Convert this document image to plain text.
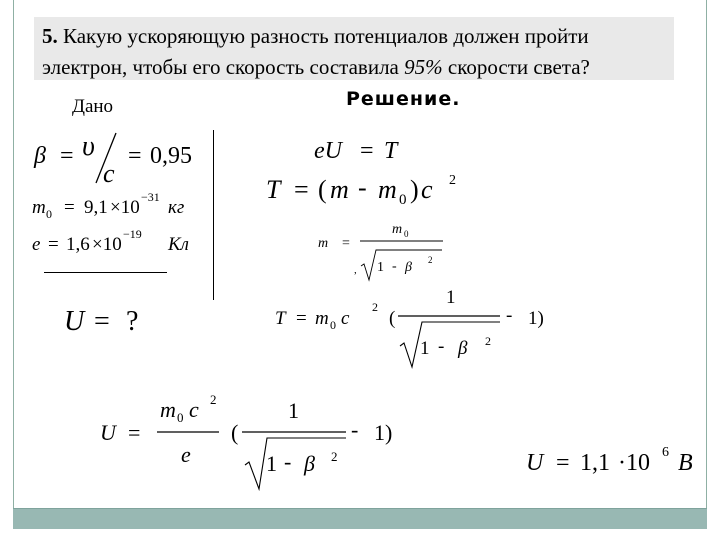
5. Какую ускоряющую разность потенциалов должен пройти электрон, чтобы его скорость составила 95% скорости света?
Дано	Решение.
β = υ
с
= 0,95
m 0 = 9,1 ×10 −31 кг
e = 1,6 ×10 −19 Кл
U = ?
eU = T
T = ( m - m 0 ) с 2
m =
m 0
, 1 - β 2
T = m 0 с
2
(
1
1 - β 2
- 1)
U =
m 0 с 2
e
(
1
1 - β 2
- 1)
U = 1,1 ·10 6 В
